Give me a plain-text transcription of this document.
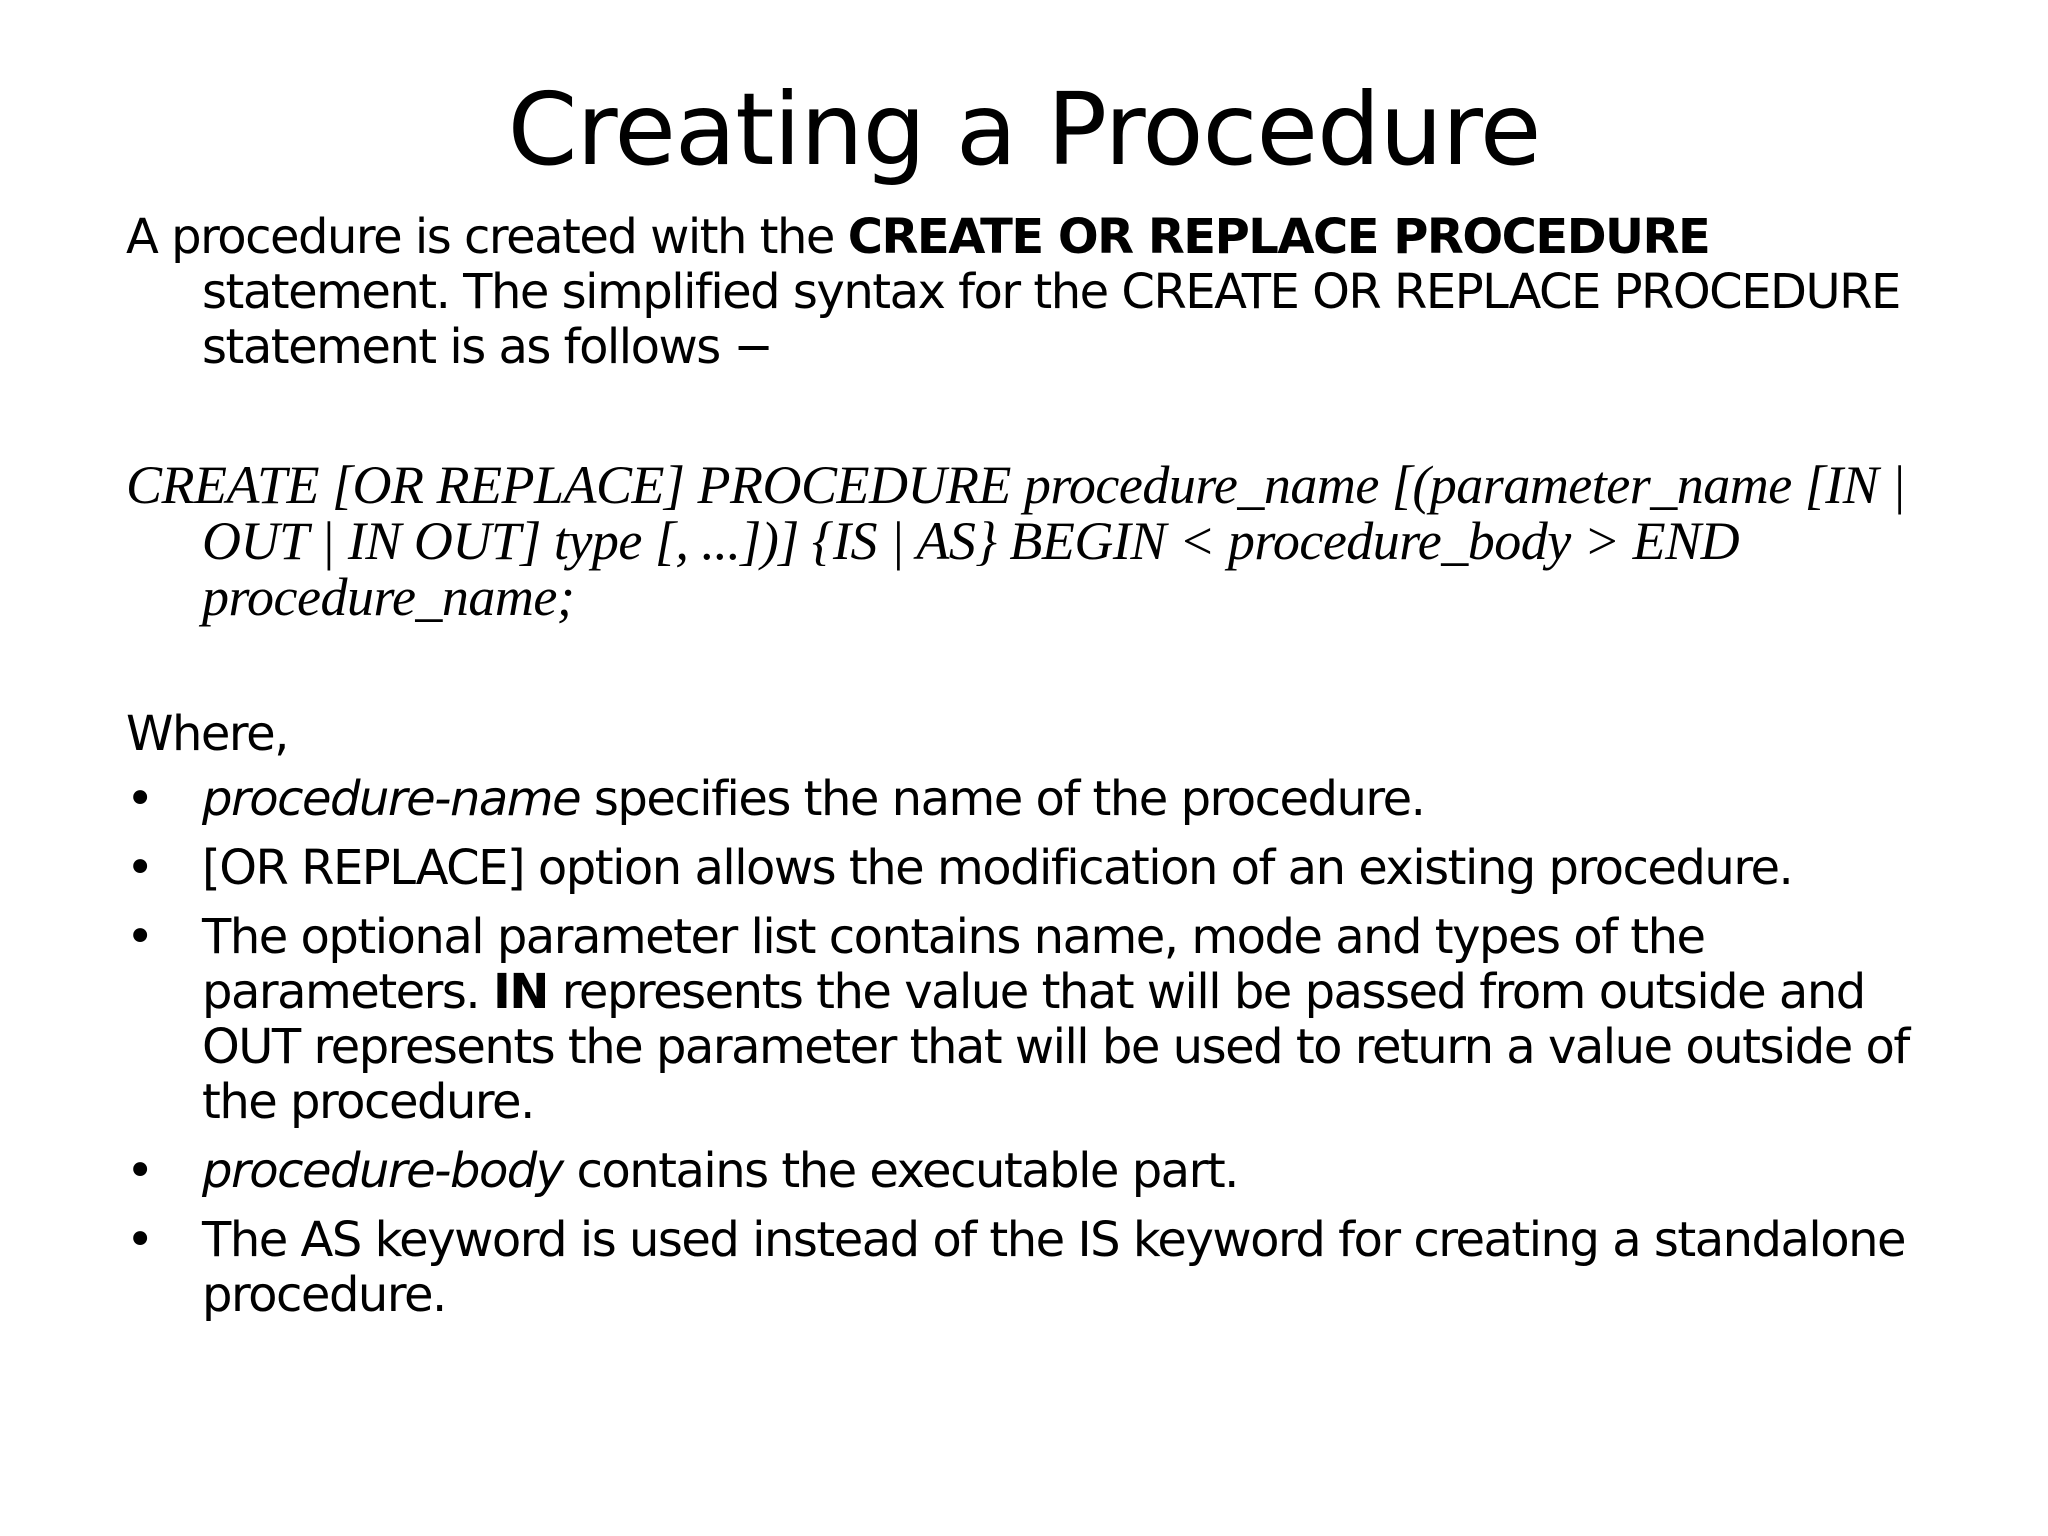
Creating a Procedure

A procedure is created with the CREATE OR REPLACE PROCEDURE statement. The simplified syntax for the CREATE OR REPLACE PROCEDURE statement is as follows −

CREATE [OR REPLACE] PROCEDURE procedure_name [(parameter_name [IN | OUT | IN OUT] type [, ...])] {IS | AS} BEGIN < procedure_body > END procedure_name;

Where,

• procedure-name specifies the name of the procedure.
• [OR REPLACE] option allows the modification of an existing procedure.
• The optional parameter list contains name, mode and types of the parameters. IN represents the value that will be passed from outside and OUT represents the parameter that will be used to return a value outside of the procedure.
• procedure-body contains the executable part.
• The AS keyword is used instead of the IS keyword for creating a standalone procedure.
